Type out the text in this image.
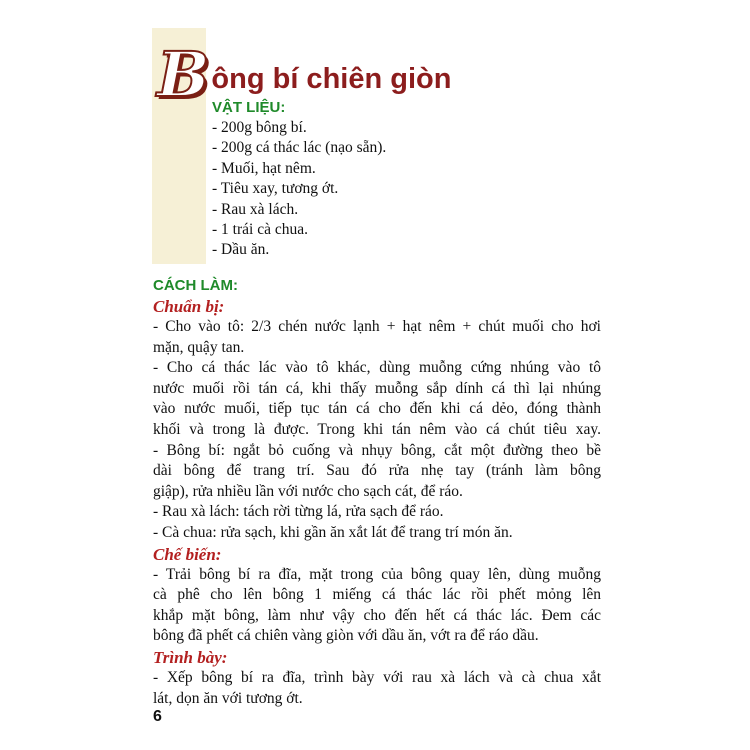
B ông bí chiên giòn
VẬT LIỆU:
- 200g bông bí.
- 200g cá thác lác (nạo sẵn).
- Muối, hạt nêm.
- Tiêu xay, tương ớt.
- Rau xà lách.
- 1 trái cà chua.
- Dầu ăn.
CÁCH LÀM:
Chuẩn bị:
- Cho vào tô: 2/3 chén nước lạnh + hạt nêm + chút muối cho hơi
mặn, quậy tan.
- Cho cá thác lác vào tô khác, dùng muỗng cứng nhúng vào tô
nước muối rồi tán cá, khi thấy muỗng sắp dính cá thì lại nhúng
vào nước muối, tiếp tục tán cá cho đến khi cá dẻo, đóng thành
khối và trong là được. Trong khi tán nêm vào cá chút tiêu xay.
- Bông bí: ngắt bỏ cuống và nhụy bông, cắt một đường theo bề
dài bông để trang trí. Sau đó rửa nhẹ tay (tránh làm bông
giập), rửa nhiều lần với nước cho sạch cát, để ráo.
- Rau xà lách: tách rời từng lá, rửa sạch để ráo.
- Cà chua: rửa sạch, khi gần ăn xắt lát để trang trí món ăn.
Chế biến:
- Trải bông bí ra đĩa, mặt trong của bông quay lên, dùng muỗng
cà phê cho lên bông 1 miếng cá thác lác rồi phết mỏng lên
khắp mặt bông, làm như vậy cho đến hết cá thác lác. Đem các
bông đã phết cá chiên vàng giòn với dầu ăn, vớt ra để ráo dầu.
Trình bày:
- Xếp bông bí ra đĩa, trình bày với rau xà lách và cà chua xắt
lát, dọn ăn với tương ớt.
6
